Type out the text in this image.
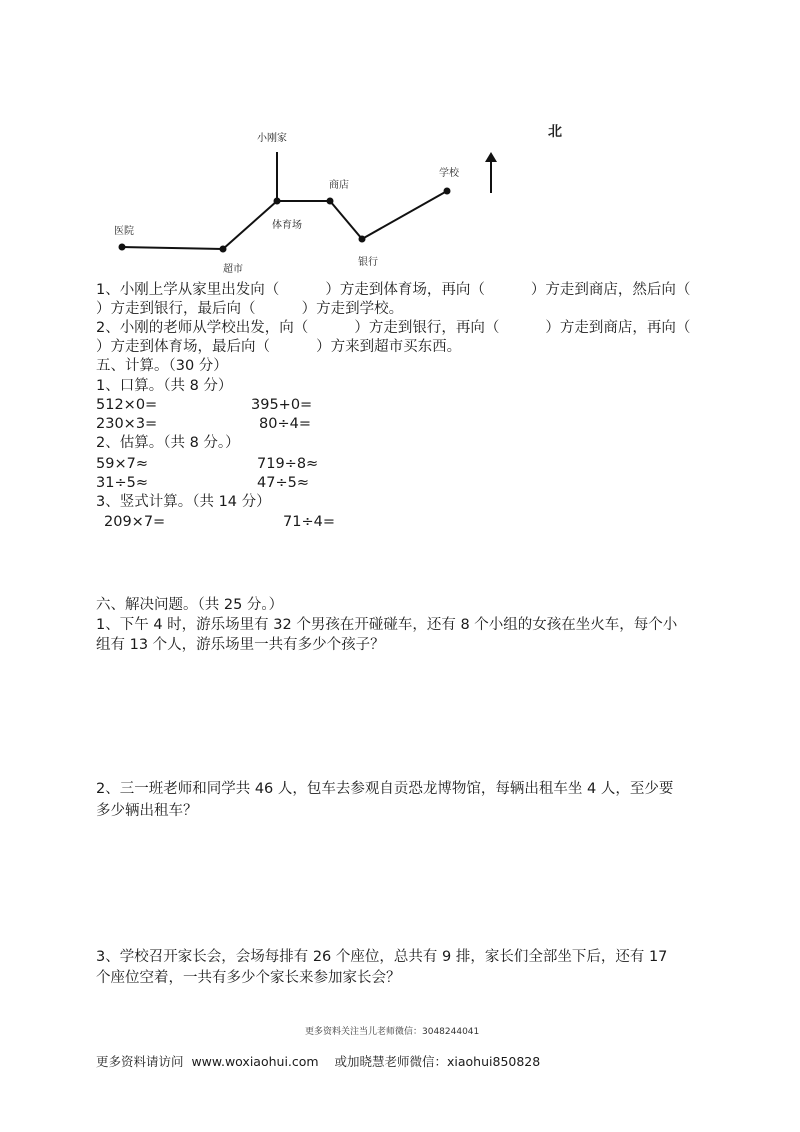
医院
超市
小刚家
体育场
商店
银行
学校
北
1、小刚上学从家里出发向（          ）方走到体育场，再向（          ）方走到商店，然后向（
）方走到银行，最后向（          ）方走到学校。
2、小刚的老师从学校出发，向（          ）方走到银行，再向（          ）方走到商店，再向（
）方走到体育场，最后向（          ）方来到超市买东西。
五、计算。（30 分）
1、口算。（共 8 分）
512×0=	395+0=
230×3=	80÷4=
2、估算。（共 8 分。）
59×7≈	719÷8≈
31÷5≈	47÷5≈
3、竖式计算。（共 14 分）
209×7=	71÷4=
六、解决问题。（共 25 分。）
1、下午 4 时，游乐场里有 32 个男孩在开碰碰车，还有 8 个小组的女孩在坐火车，每个小
组有 13 个人，游乐场里一共有多少个孩子？
2、三一班老师和同学共 46 人，包车去参观自贡恐龙博物馆，每辆出租车坐 4 人，至少要
多少辆出租车？
3、学校召开家长会，会场每排有 26 个座位，总共有 9 排，家长们全部坐下后，还有 17
个座位空着，一共有多少个家长来参加家长会？
更多资料关注当儿老师微信：3048244041
更多资料请访问  www.woxiaohui.com    或加晓慧老师微信：xiaohui850828
